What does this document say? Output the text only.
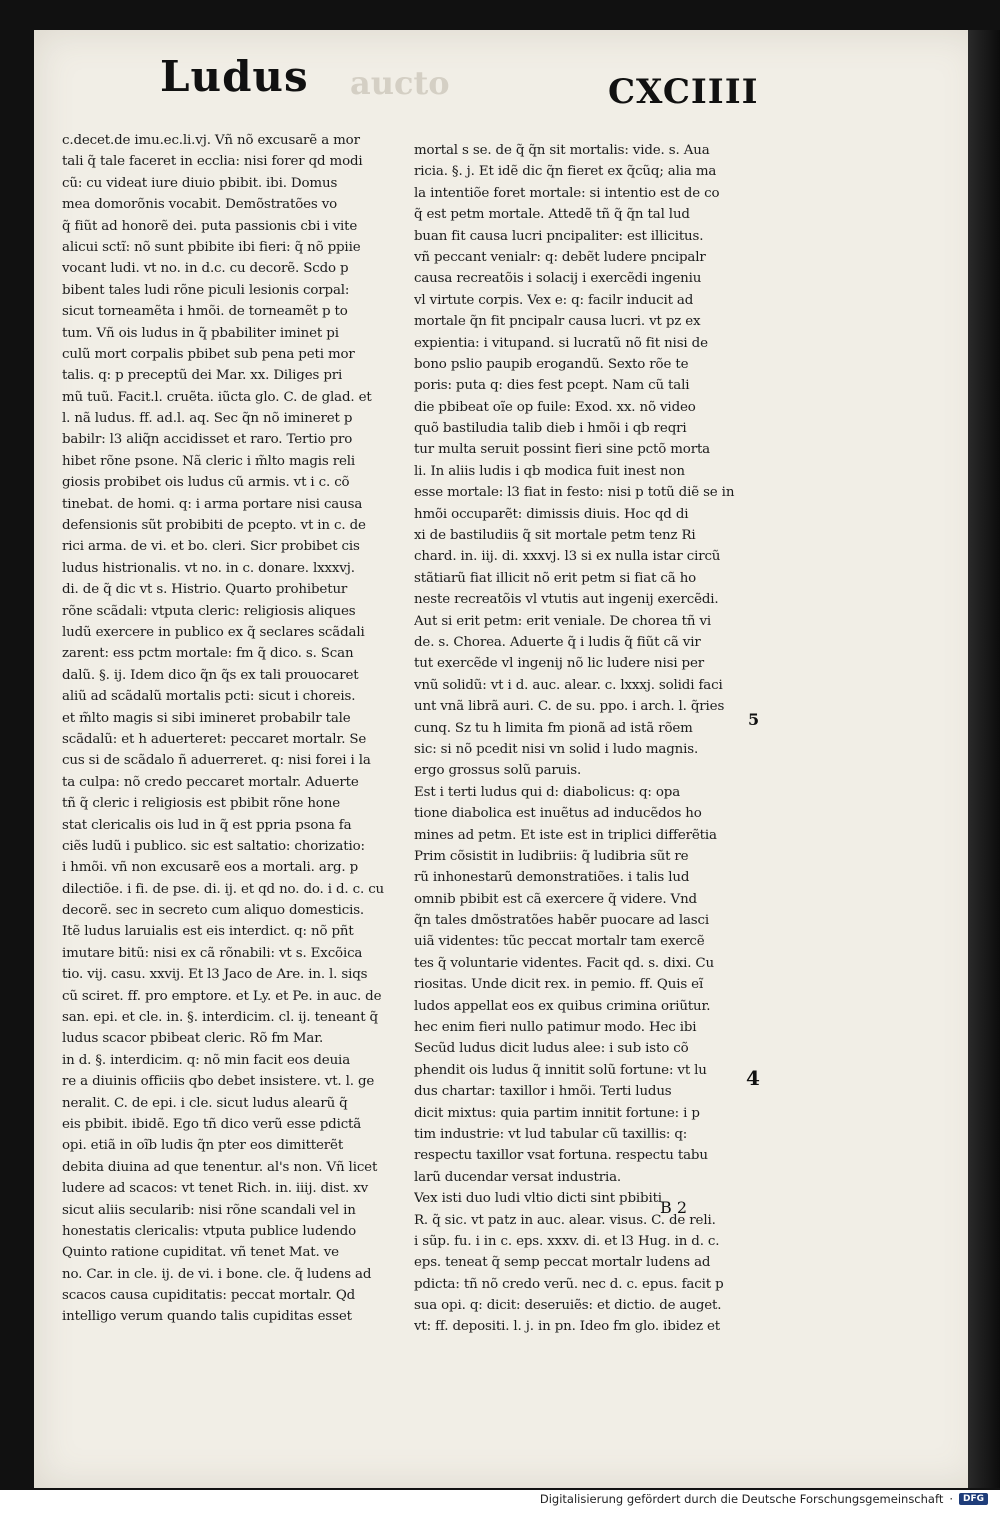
Ludus aucto	CXCIIII
c.decet.de imu.ec.li.vj. Vñ nõ excusarẽ a mor
tali q̃ tale faceret in ecclia: nisi forer qd modi
cũ: cu videat iure diuio pbibit. ibi. Domus
mea domorõnis vocabit. Demõstratões vo
q̃ fiũt ad honorẽ dei. puta passionis cbi i vite
alicui sctĩ: nõ sunt pbibite ibi fieri: q̃ nõ ppiie
vocant ludi. vt no. in d.c. cu decorẽ. Scdo p
bibent tales ludi rõne piculi lesionis corpal:
sicut torneamẽta i hmõi. de torneamẽt p to
tum. Vñ ois ludus in q̃ pbabiliter iminet pi
culũ mort corpalis pbibet sub pena peti mor
talis. q: p preceptũ dei Mar. xx. Diliges pri
mũ tuũ. Facit.l. cruẽta. iũcta glo. C. de glad. et
l. nã ludus. ff. ad.l. aq. Sec q̃n nõ imineret p
babilr: l3 aliq̃n accidisset et raro. Tertio pro
hibet rõne psone. Nã cleric i m̃lto magis reli
giosis probibet ois ludus cũ armis. vt i c. cõ
tinebat. de homi. q: i arma portare nisi causa
defensionis sũt probibiti de pcepto. vt in c. de
rici arma. de vi. et bo. cleri. Sicr probibet cis
ludus histrionalis. vt no. in c. donare. lxxxvj.
di. de q̃ dic vt s. Histrio. Quarto prohibetur
rõne scãdali: vtputa cleric: religiosis aliques
ludũ exercere in publico ex q̃ seclares scãdali
zarent: ess pctm mortale: fm q̃ dico. s. Scan
dalũ. §. ij. Idem dico q̃n q̃s ex tali prouocaret
aliũ ad scãdalũ mortalis pcti: sicut i choreis.
et m̃lto magis si sibi imineret probabilr tale
scãdalũ: et h aduerteret: peccaret mortalr. Se
cus si de scãdalo ñ aduerreret. q: nisi forei i la
ta culpa: nõ credo peccaret mortalr. Aduerte
tñ q̃ cleric i religiosis est pbibit rõne hone
stat clericalis ois lud in q̃ est ppria psona fa
ciẽs ludũ i publico. sic est saltatio: chorizatio:
i hmõi. vñ non excusarẽ eos a mortali. arg. p
dilectiõe. i fi. de pse. di. ij. et qd no. do. i d. c. cu
decorẽ. sec in secreto cum aliquo domesticis.
Itẽ ludus laruialis est eis interdict. q: nõ pñt
imutare bitũ: nisi ex cã rõnabili: vt s. Excõica
tio. vij. casu. xxvij. Et l3 Jaco de Are. in. l. siqs
cũ sciret. ff. pro emptore. et Ly. et Pe. in auc. de
san. epi. et cle. in. §. interdicim. cl. ij. teneant q̃
ludus scacor pbibeat cleric. Rõ fm Mar.
in d. §. interdicim. q: nõ min facit eos deuia
re a diuinis officiis qbo debet insistere. vt. l. ge
neralit. C. de epi. i cle. sicut ludus alearũ q̃
eis pbibit. ibidẽ. Ego tñ dico verũ esse pdictã
opi. etiã in oĩb ludis q̃n pter eos dimitterẽt
debita diuina ad que tenentur. al's non. Vñ licet
ludere ad scacos: vt tenet Rich. in. iiij. dist. xv
sicut aliis secularib: nisi rõne scandali vel in
honestatis clericalis: vtputa publice ludendo
Quinto ratione cupiditat. vñ tenet Mat. ve
no. Car. in cle. ij. de vi. i bone. cle. q̃ ludens ad
scacos causa cupiditatis: peccat mortalr. Qd
intelligo verum quando talis cupiditas esset
mortal s se. de q̃ q̃n sit mortalis: vide. s. Aua
ricia. §. j. Et idẽ dic q̃n fieret ex q̃cũq; alia ma
la intentiõe foret mortale: si intentio est de co
q̃ est petm mortale. Attedẽ tñ q̃ q̃n tal lud
buan fit causa lucri pncipaliter: est illicitus.
vñ peccant venialr: q: debẽt ludere pncipalr
causa recreatõis i solacij i exercẽdi ingeniu
vl virtute corpis. Vex e: q: facilr inducit ad
mortale q̃n fit pncipalr causa lucri. vt pz ex
expientia: i vitupand. si lucratũ nõ fit nisi de
bono pslio paupib erogandũ. Sexto rõe te
poris: puta q: dies fest pcept. Nam cũ tali
die pbibeat oĩe op fuile: Exod. xx. nõ video
quõ bastiludia talib dieb i hmõi i qb reqri
tur multa seruit possint fieri sine pctõ morta
li. In aliis ludis i qb modica fuit inest non
esse mortale: l3 fiat in festo: nisi p totũ diẽ se in
hmõi occuparẽt: dimissis diuis. Hoc qd di
xi de bastiludiis q̃ sit mortale petm tenz Ri
chard. in. iij. di. xxxvj. l3 si ex nulla istar circũ
stãtiarũ fiat illicit nõ erit petm si fiat cã ho
neste recreatõis vl vtutis aut ingenij exercẽdi.
Aut si erit petm: erit veniale. De chorea tñ vi
de. s. Chorea. Aduerte q̃ i ludis q̃ fiũt cã vir
tut exercẽde vl ingenij nõ lic ludere nisi per
vnũ solidũ: vt i d. auc. alear. c. lxxxj. solidi faci
unt vnã librã auri. C. de su. ppo. i arch. l. q̃ries
cunq. Sz tu h limita fm pionã ad istã rõem
sic: si nõ pcedit nisi vn solid i ludo magnis.
ergo grossus solũ paruis.
Est i terti ludus qui d: diabolicus: q: opa
tione diabolica est inuẽtus ad inducẽdos ho
mines ad petm. Et iste est in triplici differẽtia
Prim cõsistit in ludibriis: q̃ ludibria sũt re
rũ inhonestarũ demonstratiões. i talis lud
omnib pbibit est cã exercere q̃ videre. Vnd
q̃n tales dmõstratões habẽr puocare ad lasci
uiã videntes: tũc peccat mortalr tam exercẽ
tes q̃ voluntarie videntes. Facit qd. s. dixi. Cu
riositas. Unde dicit rex. in pemio. ff. Quis eĩ
ludos appellat eos ex quibus crimina oriũtur.
hec enim fieri nullo patimur modo. Hec ibi
Secũd ludus dicit ludus alee: i sub isto cõ
phendit ois ludus q̃ innitit solũ fortune: vt lu
dus chartar: taxillor i hmõi. Terti ludus
dicit mixtus: quia partim innitit fortune: i p
tim industrie: vt lud tabular cũ taxillis: q:
respectu taxillor vsat fortuna. respectu tabu
larũ ducendar versat industria.
Vex isti duo ludi vltio dicti sint pbibiti
R. q̃ sic. vt patz in auc. alear. visus. C. de reli.
i sũp. fu. i in c. eps. xxxv. di. et l3 Hug. in d. c.
eps. teneat q̃ semp peccat mortalr ludens ad
pdicta: tñ nõ credo verũ. nec d. c. epus. facit p
sua opi. q: dicit: deseruiẽs: et dictio. de auget.
vt: ff. depositi. l. j. in pn. Ideo fm glo. ibidez et
5
4
B 2
Digitalisierung gefördert durch die Deutsche Forschungsgemeinschaft ·	DFG
